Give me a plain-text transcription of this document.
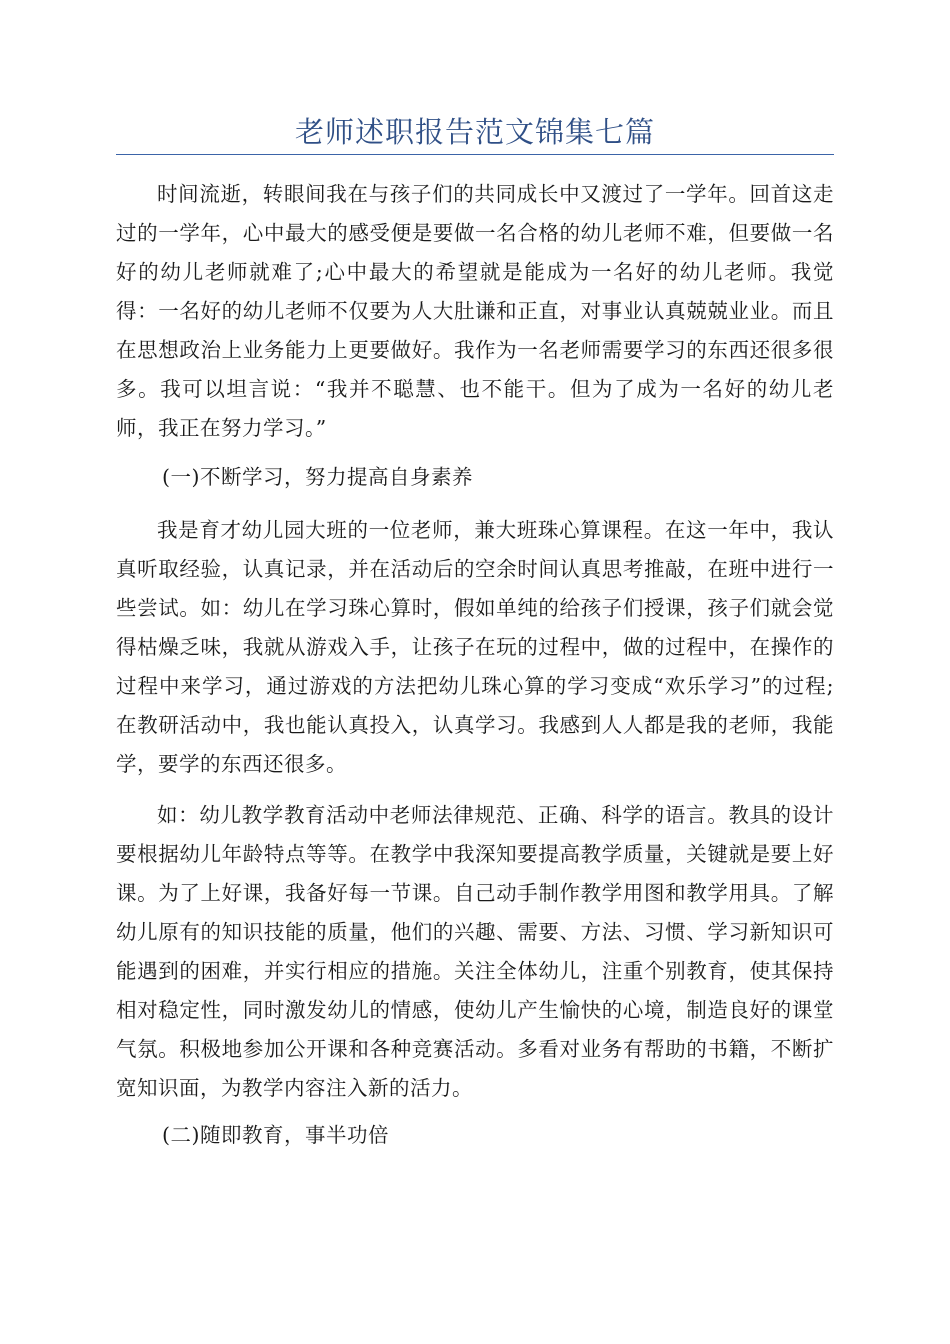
老师述职报告范文锦集七篇

时间流逝，转眼间我在与孩子们的共同成长中又渡过了一学年。回首这走过的一学年，心中最大的感受便是要做一名合格的幼儿老师不难，但要做一名好的幼儿老师就难了;心中最大的希望就是能成为一名好的幼儿老师。我觉得：一名好的幼儿老师不仅要为人大肚谦和正直，对事业认真兢兢业业。而且在思想政治上业务能力上更要做好。我作为一名老师需要学习的东西还很多很多。我可以坦言说：“我并不聪慧、也不能干。但为了成为一名好的幼儿老师，我正在努力学习。”

(一)不断学习，努力提高自身素养

我是育才幼儿园大班的一位老师，兼大班珠心算课程。在这一年中，我认真听取经验，认真记录，并在活动后的空余时间认真思考推敲，在班中进行一些尝试。如：幼儿在学习珠心算时，假如单纯的给孩子们授课，孩子们就会觉得枯燥乏味，我就从游戏入手，让孩子在玩的过程中，做的过程中，在操作的过程中来学习，通过游戏的方法把幼儿珠心算的学习变成“欢乐学习”的过程;在教研活动中，我也能认真投入，认真学习。我感到人人都是我的老师，我能学，要学的东西还很多。

如：幼儿教学教育活动中老师法律规范、正确、科学的语言。教具的设计要根据幼儿年龄特点等等。在教学中我深知要提高教学质量，关键就是要上好课。为了上好课，我备好每一节课。自己动手制作教学用图和教学用具。了解幼儿原有的知识技能的质量，他们的兴趣、需要、方法、习惯、学习新知识可能遇到的困难，并实行相应的措施。关注全体幼儿，注重个别教育，使其保持相对稳定性，同时激发幼儿的情感，使幼儿产生愉快的心境，制造良好的课堂气氛。积极地参加公开课和各种竞赛活动。多看对业务有帮助的书籍，不断扩宽知识面，为教学内容注入新的活力。

(二)随即教育，事半功倍
